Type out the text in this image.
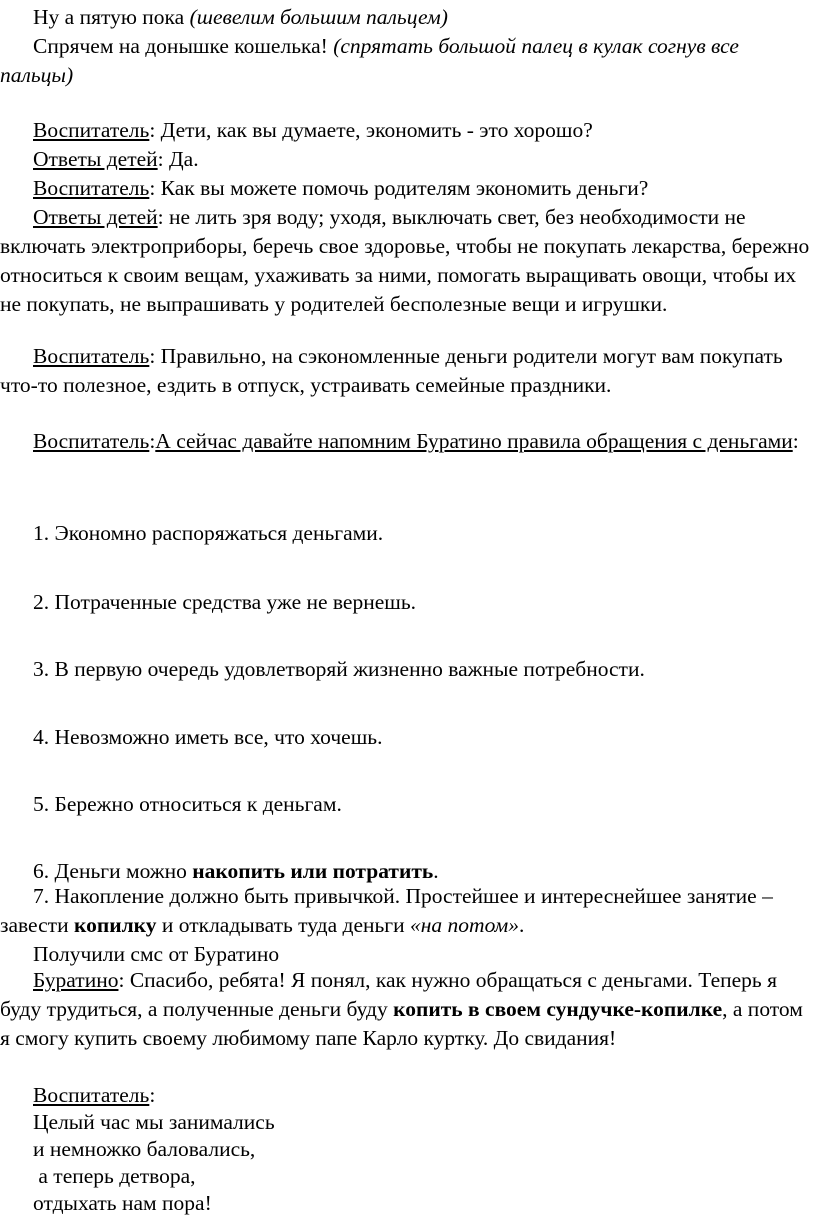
Ну а пятую пока (шевелим большим пальцем)

Спрячем на донышке кошелька! (спрятать большой палец в кулак согнув все пальцы)

Воспитатель: Дети, как вы думаете, экономить - это хорошо?

Ответы детей: Да.

Воспитатель: Как вы можете помочь родителям экономить деньги?

Ответы детей: не лить зря воду; уходя, выключать свет, без необходимости не включать электроприборы, беречь свое здоровье, чтобы не покупать лекарства, бережно относиться к своим вещам, ухаживать за ними, помогать выращивать овощи, чтобы их не покупать, не выпрашивать у родителей бесполезные вещи и игрушки.

Воспитатель: Правильно, на сэкономленные деньги родители могут вам покупать что-то полезное, ездить в отпуск, устраивать семейные праздники.

Воспитатель:А сейчас давайте напомним Буратино правила обращения с деньгами:

1. Экономно распоряжаться деньгами.

2. Потраченные средства уже не вернешь.

3. В первую очередь удовлетворяй жизненно важные потребности.

4. Невозможно иметь все, что хочешь.

5. Бережно относиться к деньгам.

6. Деньги можно накопить или потратить.

7. Накопление должно быть привычкой. Простейшее и интереснейшее занятие – завести копилку и откладывать туда деньги «на потом».

Получили смс от Буратино

Буратино: Спасибо, ребята! Я понял, как нужно обращаться с деньгами. Теперь я буду трудиться, а полученные деньги буду копить в своем сундучке-копилке, а потом я смогу купить своему любимому папе Карло куртку. До свидания!

Воспитатель:

Целый час мы занимались

и немножко баловались,

а теперь детвора,

отдыхать нам пора!
